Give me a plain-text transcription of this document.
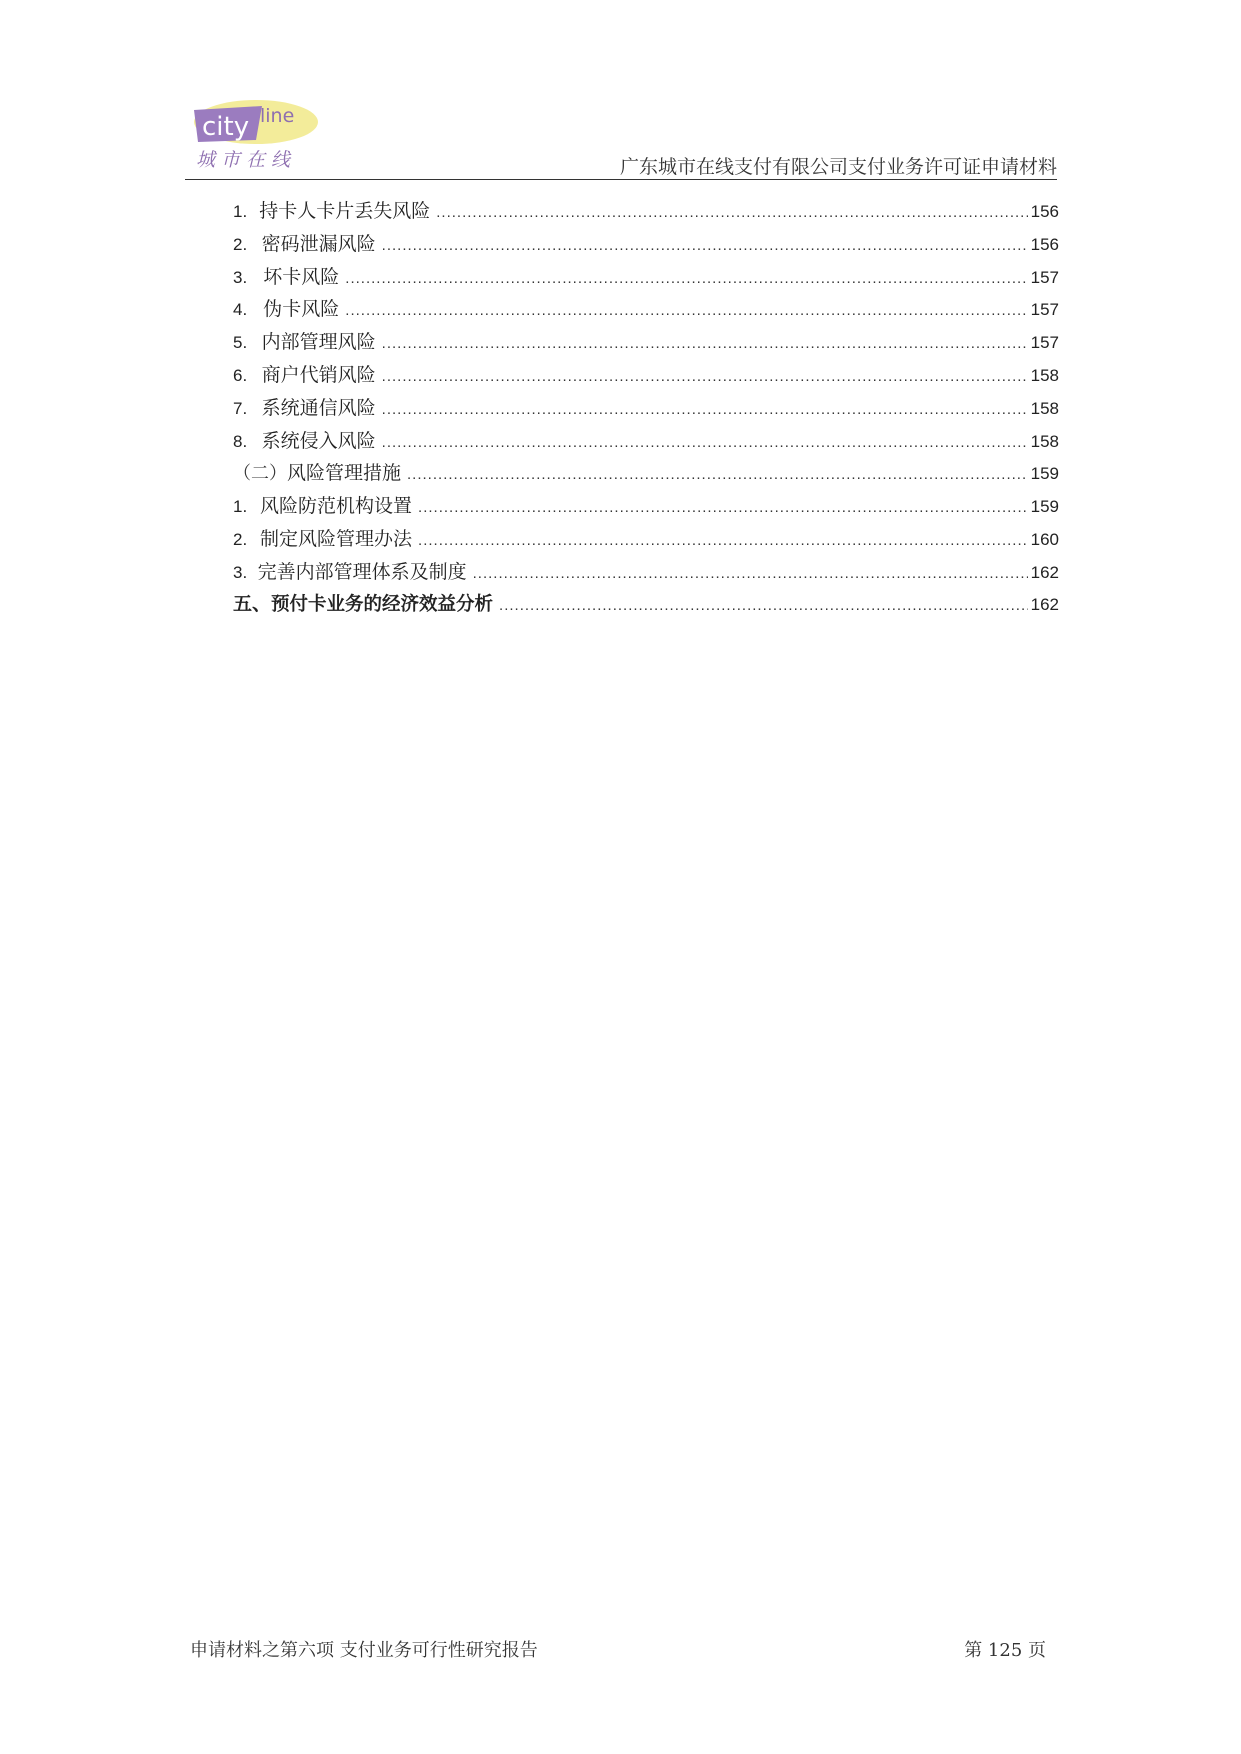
city line
城市在线	广东城市在线支付有限公司支付业务许可证申请材料
1. 持卡人卡片丢失风险 .....	156
2. 密码泄漏风险 .....	156
3. 坏卡风险 .....	157
4. 伪卡风险 .....	157
5. 内部管理风险 .....	157
6. 商户代销风险 .....	158
7. 系统通信风险 .....	158
8. 系统侵入风险 .....	158
（二） 风险管理措施 .....	159
1. 风险防范机构设置 .....	159
2. 制定风险管理办法 .....	160
3. 完善内部管理体系及制度 .....	162
五、 预付卡业务的经济效益分析 .....	162
申请材料之第六项 支付业务可行性研究报告	第 125 页
